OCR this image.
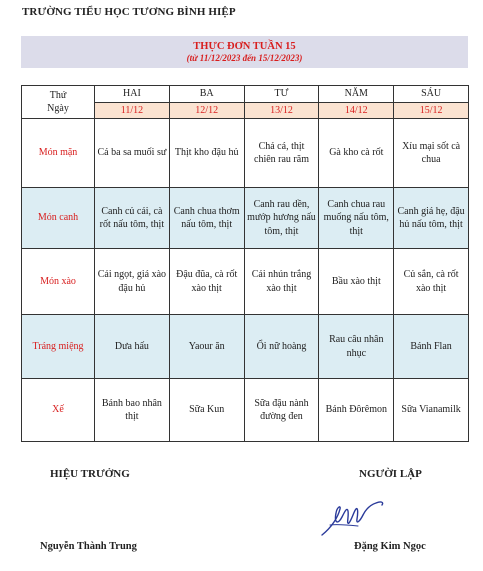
TRƯỜNG TIỂU HỌC TƯƠNG BÌNH HIỆP
THỰC ĐƠN TUẦN 15
(từ 11/12/2023 đến 15/12/2023)
Thứ
Ngày	HAI	BA	TƯ	NĂM	SÁU
	11/12	12/12	13/12	14/12	15/12
Món mặn	Cá ba sa muối sư	Thịt kho đậu hủ	Chả cá, thịt chiên rau răm	Gà kho cà rốt	Xíu mại sốt cà chua
Món canh	Canh củ cải, cà rốt nấu tôm, thịt	Canh chua thơm nấu tôm, thịt	Canh rau dền, mướp hương nấu tôm, thịt	Canh chua rau muống nấu tôm, thịt	Canh giá hẹ, đậu hủ nấu tôm, thịt
Món xào	Cải ngọt, giá xào đậu hủ	Đậu đũa, cà rốt xào thịt	Cải nhún trắng xào thịt	Bầu xào thịt	Củ sắn, cà rốt xào thịt
Tráng miệng	Dưa hấu	Yaour ăn	Ổi nữ hoàng	Rau câu nhân nhục	Bánh Flan
Xế	Bánh bao nhân thịt	Sữa Kun	Sữa đậu nành đường đen	Bánh Đôrêmon	Sữa Vianamilk
HIỆU TRƯỞNG	NGƯỜI LẬP
Nguyễn Thành Trung	Đặng Kim Ngọc
